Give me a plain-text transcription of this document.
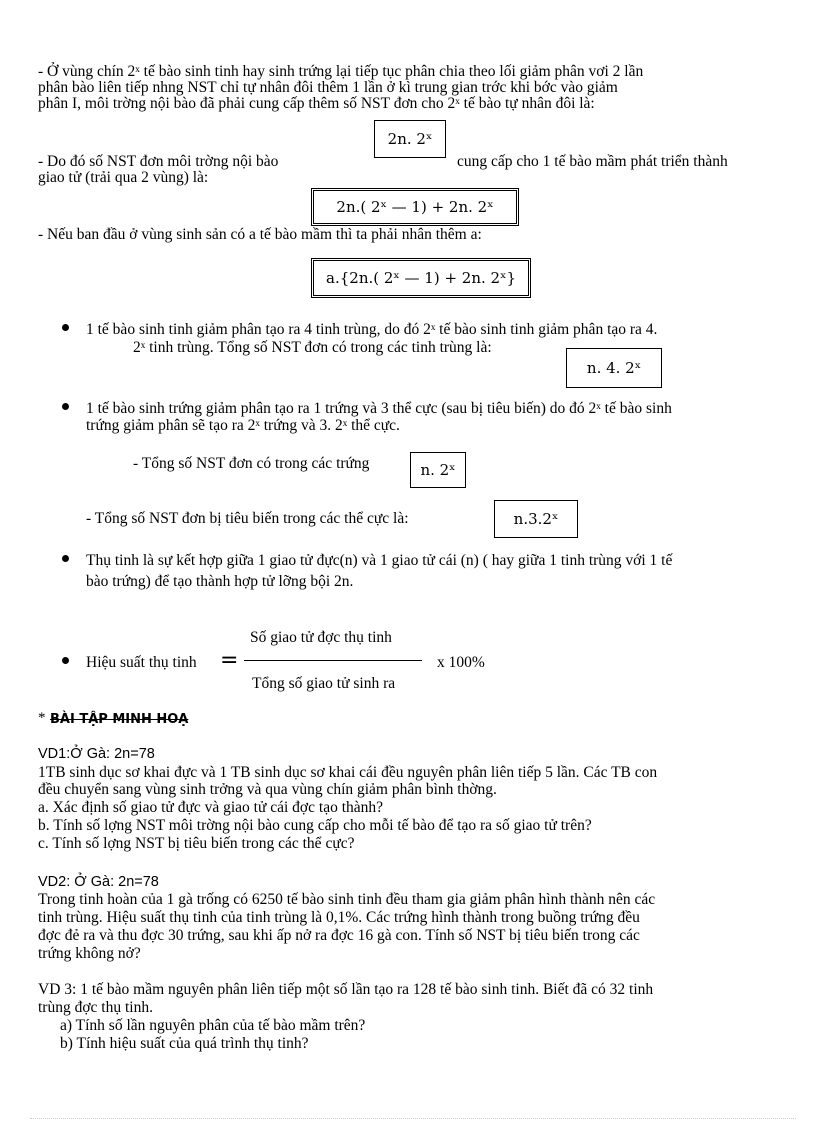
- Ở vùng chín 2ˣ tế bào sinh tinh hay sinh trứng lại tiếp tục phân chia theo lối giảm phân vơi 2 lần
phân bào liên tiếp nhng NST chỉ tự nhân đôi thêm 1 lần ở kì trung gian trớc khi bớc vào giảm
phân I, môi trờng nội bào đã phải cung cấp thêm số NST đơn cho 2ˣ tế bào tự nhân đôi là:
2n. 2ˣ
- Do đó số NST đơn môi trờng nội bào	cung cấp cho 1 tế bào mầm phát triển thành
giao tử (trải qua 2 vùng) là:
2n.( 2ˣ — 1) + 2n. 2ˣ
- Nếu ban đầu ở vùng sinh sản có a tế bào mầm thì ta phải nhân thêm a:
a.{2n.( 2ˣ — 1) + 2n. 2ˣ}
1 tế bào sinh tinh giảm phân tạo ra 4 tinh trùng, do đó 2ˣ tế bào sinh tinh giảm phân tạo ra 4.
2ˣ tinh trùng. Tổng số NST đơn có trong các tinh trùng là:
n. 4. 2ˣ
1 tế bào sinh trứng giảm phân tạo ra 1 trứng và 3 thể cực (sau bị tiêu biến) do đó 2ˣ tế bào sinh
trứng giảm phân sẽ tạo ra 2ˣ trứng và 3. 2ˣ thể cực.
- Tổng số NST đơn có trong các trứng	n. 2ˣ
- Tổng số NST đơn bị tiêu biến trong các thể cực là:	n.3.2ˣ
Thụ tinh là sự kết hợp giữa 1 giao tử đực(n) và 1 giao tử cái (n) ( hay giữa 1 tinh trùng với 1 tế
bào trứng) để tạo thành hợp tử lỡng bội 2n.
Hiệu suất thụ tinh =
Số giao tử đợc thụ tinh
Tổng số giao tử sinh ra
x 100%
* BÀI TẬP MINH HOẠ
VD1:Ở Gà: 2n=78
1TB sinh dục sơ khai đực và 1 TB sinh dục sơ khai cái đều nguyên phân liên tiếp 5 lần. Các TB con
đều chuyển sang vùng sinh trởng và qua vùng chín giảm phân bình thờng.
a. Xác định số giao tử đực và giao tử cái đợc tạo thành?
b. Tính số lợng NST môi trờng nội bào cung cấp cho mỗi tế bào để tạo ra số giao tử trên?
c. Tính số lợng NST bị tiêu biến trong các thể cực?
VD2: Ở Gà: 2n=78
Trong tinh hoàn của 1 gà trống có 6250 tế bào sinh tinh đều tham gia giảm phân hình thành nên các
tinh trùng. Hiệu suất thụ tinh của tinh trùng là 0,1%. Các trứng hình thành trong buồng trứng đều
đợc đẻ ra và thu đợc 30 trứng, sau khi ấp nở ra đợc 16 gà con. Tính số NST bị tiêu biến trong các
trứng không nở?
VD 3: 1 tế bào mầm nguyên phân liên tiếp một số lần tạo ra 128 tế bào sinh tinh. Biết đã có 32 tinh
trùng đợc thụ tinh.
a) Tính số lần nguyên phân của tế bào mầm trên?
b) Tính hiệu suất của quá trình thụ tinh?
